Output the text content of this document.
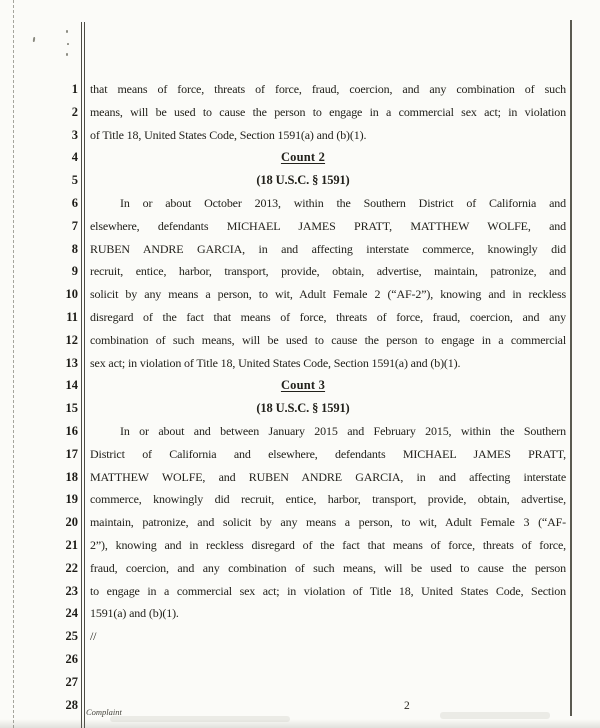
1 that means of force, threats of force, fraud, coercion, and any combination of such
2 means, will be used to cause the person to engage in a commercial sex act; in violation
3 of Title 18, United States Code, Section 1591(a) and (b)(1).
4	Count 2
5	(18 U.S.C. § 1591)
6	In or about October 2013, within the Southern District of California and
7 elsewhere, defendants MICHAEL JAMES PRATT, MATTHEW WOLFE, and
8 RUBEN ANDRE GARCIA, in and affecting interstate commerce, knowingly did
9 recruit, entice, harbor, transport, provide, obtain, advertise, maintain, patronize, and
10 solicit by any means a person, to wit, Adult Female 2 (“AF-2”), knowing and in reckless
11 disregard of the fact that means of force, threats of force, fraud, coercion, and any
12 combination of such means, will be used to cause the person to engage in a commercial
13 sex act; in violation of Title 18, United States Code, Section 1591(a) and (b)(1).
14	Count 3
15	(18 U.S.C. § 1591)
16	In or about and between January 2015 and February 2015, within the Southern
17 District of California and elsewhere, defendants MICHAEL JAMES PRATT,
18 MATTHEW WOLFE, and RUBEN ANDRE GARCIA, in and affecting interstate
19 commerce, knowingly did recruit, entice, harbor, transport, provide, obtain, advertise,
20 maintain, patronize, and solicit by any means a person, to wit, Adult Female 3 (“AF-
21 2”), knowing and in reckless disregard of the fact that means of force, threats of force,
22 fraud, coercion, and any combination of such means, will be used to cause the person
23 to engage in a commercial sex act; in violation of Title 18, United States Code, Section
24 1591(a) and (b)(1).
25 //
26
27
28
Complaint	2
